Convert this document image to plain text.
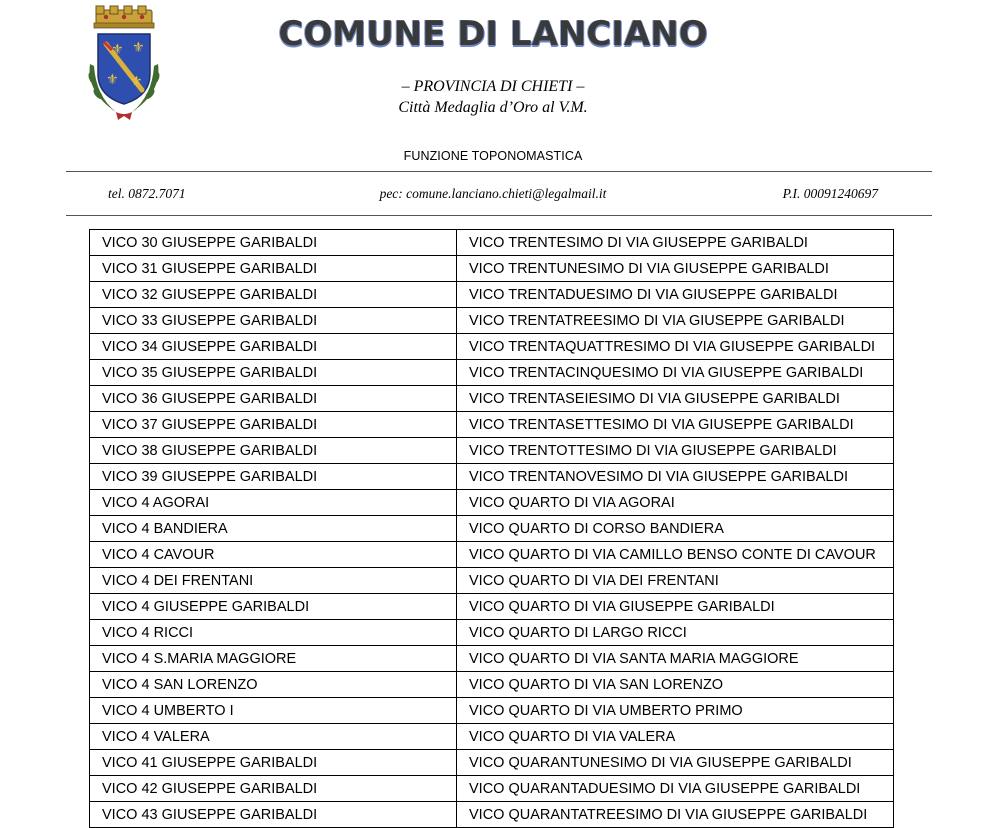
⚜ ⚜
⚜ ⚜
COMUNE DI LANCIANO
– PROVINCIA DI CHIETI –
Città Medaglia d’Oro al V.M.
FUNZIONE TOPONOMASTICA
pec: comune.lanciano.chieti@legalmail.it
tel. 0872.7071	P.I. 00091240697
VICO 30 GIUSEPPE GARIBALDI	VICO TRENTESIMO DI VIA GIUSEPPE GARIBALDI
VICO 31 GIUSEPPE GARIBALDI	VICO TRENTUNESIMO DI VIA GIUSEPPE GARIBALDI
VICO 32 GIUSEPPE GARIBALDI	VICO TRENTADUESIMO DI VIA GIUSEPPE GARIBALDI
VICO 33 GIUSEPPE GARIBALDI	VICO TRENTATREESIMO DI VIA GIUSEPPE GARIBALDI
VICO 34 GIUSEPPE GARIBALDI	VICO TRENTAQUATTRESIMO DI VIA GIUSEPPE GARIBALDI
VICO 35 GIUSEPPE GARIBALDI	VICO TRENTACINQUESIMO DI VIA GIUSEPPE GARIBALDI
VICO 36 GIUSEPPE GARIBALDI	VICO TRENTASEIESIMO DI VIA GIUSEPPE GARIBALDI
VICO 37 GIUSEPPE GARIBALDI	VICO TRENTASETTESIMO DI VIA GIUSEPPE GARIBALDI
VICO 38 GIUSEPPE GARIBALDI	VICO TRENTOTTESIMO DI VIA GIUSEPPE GARIBALDI
VICO 39 GIUSEPPE GARIBALDI	VICO TRENTANOVESIMO DI VIA GIUSEPPE GARIBALDI
VICO 4 AGORAI	VICO QUARTO DI VIA AGORAI
VICO 4 BANDIERA	VICO QUARTO DI CORSO BANDIERA
VICO 4 CAVOUR	VICO QUARTO DI VIA CAMILLO BENSO CONTE DI CAVOUR
VICO 4 DEI FRENTANI	VICO QUARTO DI VIA DEI FRENTANI
VICO 4 GIUSEPPE GARIBALDI	VICO QUARTO DI VIA GIUSEPPE GARIBALDI
VICO 4 RICCI	VICO QUARTO DI LARGO RICCI
VICO 4 S.MARIA MAGGIORE	VICO QUARTO DI VIA SANTA MARIA MAGGIORE
VICO 4 SAN LORENZO	VICO QUARTO DI VIA SAN LORENZO
VICO 4 UMBERTO I	VICO QUARTO DI VIA UMBERTO PRIMO
VICO 4 VALERA	VICO QUARTO DI VIA VALERA
VICO 41 GIUSEPPE GARIBALDI	VICO QUARANTUNESIMO DI VIA GIUSEPPE GARIBALDI
VICO 42 GIUSEPPE GARIBALDI	VICO QUARANTADUESIMO DI VIA GIUSEPPE GARIBALDI
VICO 43 GIUSEPPE GARIBALDI	VICO QUARANTATREESIMO DI VIA GIUSEPPE GARIBALDI
